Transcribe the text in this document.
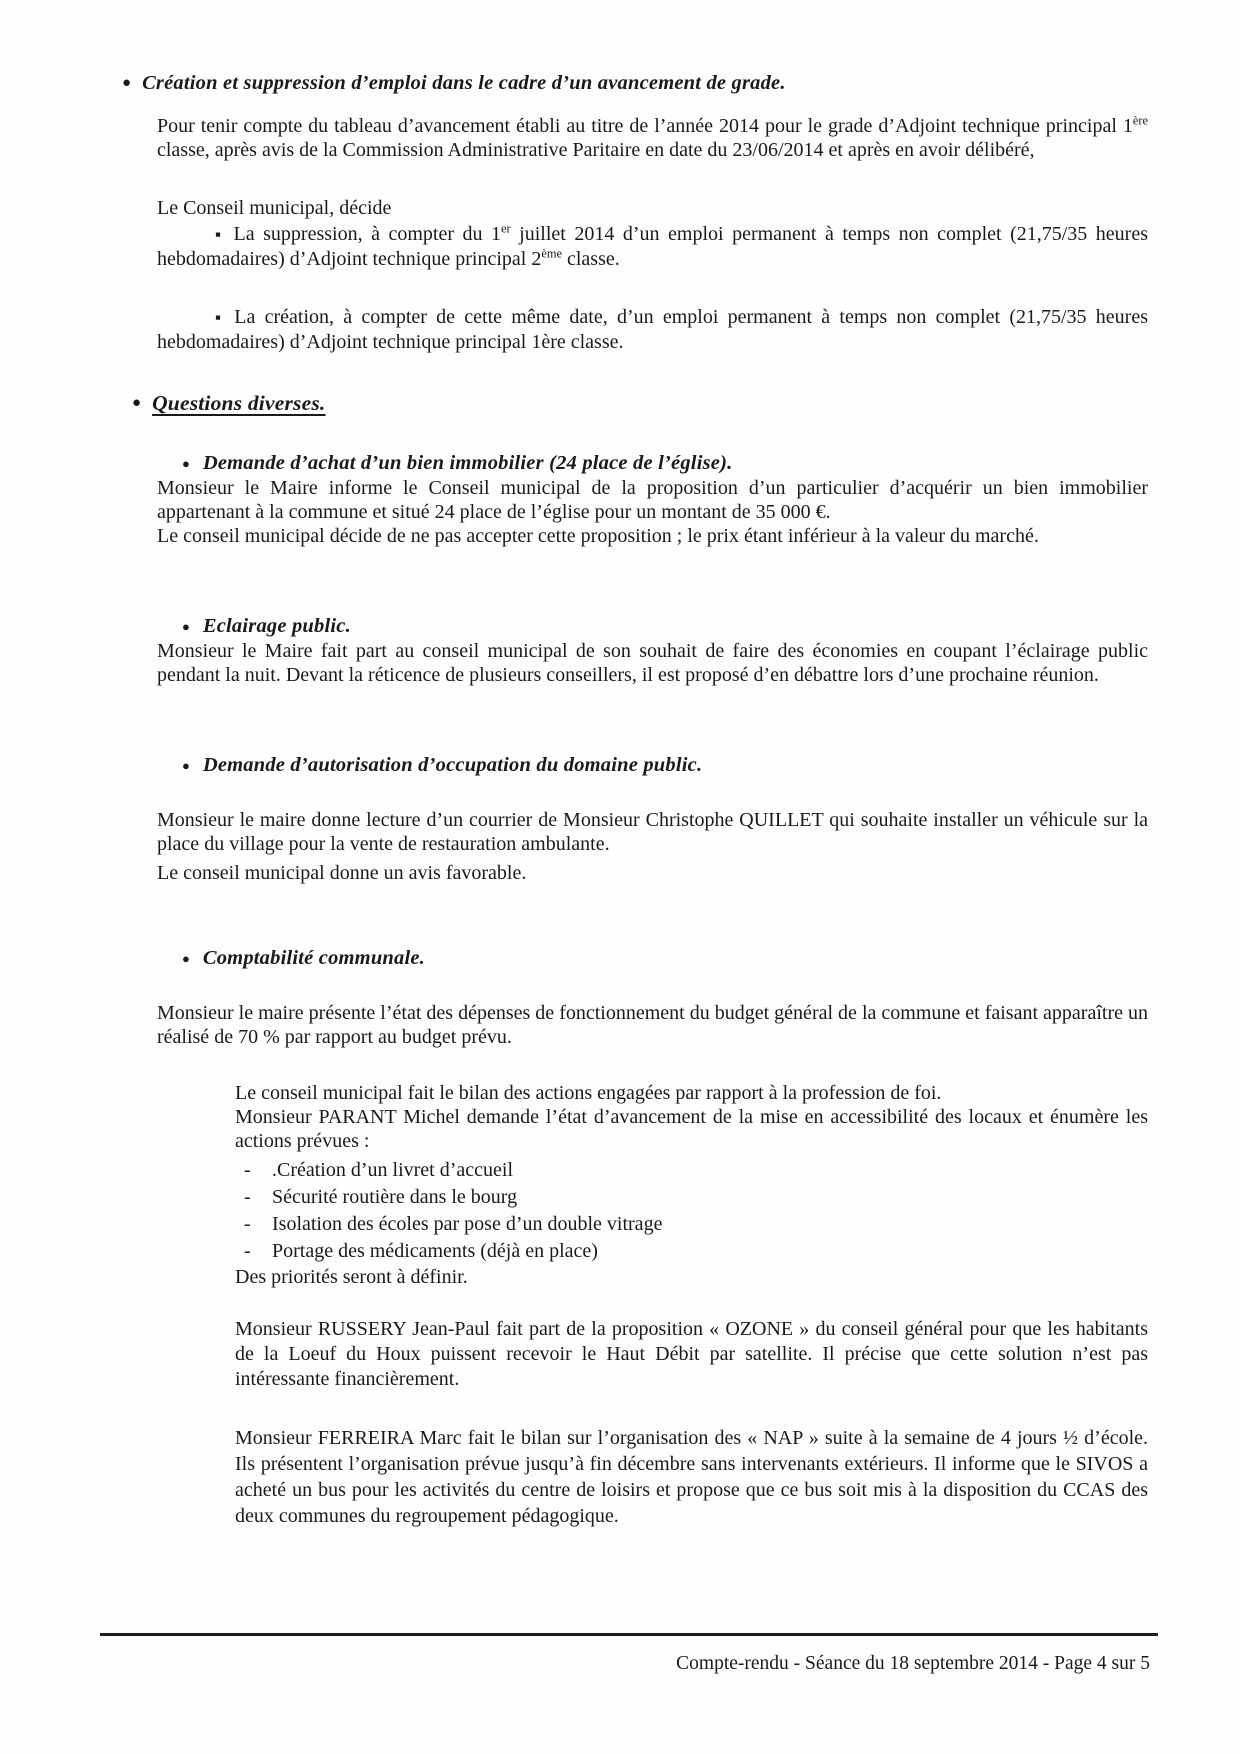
● Création et suppression d’emploi dans le cadre d’un avancement de grade.

Pour tenir compte du tableau d’avancement établi au titre de l’année 2014 pour le grade d’Adjoint technique principal 1ère classe, après avis de la Commission Administrative Paritaire en date du 23/06/2014 et après en avoir délibéré,

Le Conseil municipal, décide

▪ La suppression, à compter du 1er juillet 2014 d’un emploi permanent à temps non complet (21,75/35 heures hebdomadaires) d’Adjoint technique principal 2ème classe.

▪ La création, à compter de cette même date, d’un emploi permanent à temps non complet (21,75/35 heures hebdomadaires) d’Adjoint technique principal 1ère classe.

● Questions diverses.
● Demande d’achat d’un bien immobilier (24 place de l’église).

Monsieur le Maire informe le Conseil municipal de la proposition d’un particulier d’acquérir un bien immobilier appartenant à la commune et situé 24 place de l’église pour un montant de 35 000 €.

Le conseil municipal décide de ne pas accepter cette proposition ; le prix étant inférieur à la valeur du marché.

● Eclairage public.

Monsieur le Maire fait part au conseil municipal de son souhait de faire des économies en coupant l’éclairage public pendant la nuit. Devant la réticence de plusieurs conseillers, il est proposé d’en débattre lors d’une prochaine réunion.

● Demande d’autorisation d’occupation du domaine public.

Monsieur le maire donne lecture d’un courrier de Monsieur Christophe QUILLET qui souhaite installer un véhicule sur la place du village pour la vente de restauration ambulante.

Le conseil municipal donne un avis favorable.

● Comptabilité communale.

Monsieur le maire présente l’état des dépenses de fonctionnement du budget général de la commune et faisant apparaître un réalisé de 70 % par rapport au budget prévu.

Le conseil municipal fait le bilan des actions engagées par rapport à la profession de foi.

Monsieur PARANT Michel demande l’état d’avancement de la mise en accessibilité des locaux et énumère les actions prévues :

-	.Création d’un livret d’accueil
-	Sécurité routière dans le bourg
-	Isolation des écoles par pose d’un double vitrage
-	Portage des médicaments (déjà en place)

Des priorités seront à définir.

Monsieur RUSSERY Jean-Paul fait part de la proposition « OZONE » du conseil général pour que les habitants de la Loeuf du Houx puissent recevoir le Haut Débit par satellite. Il précise que cette solution n’est pas intéressante financièrement.

Monsieur FERREIRA Marc fait le bilan sur l’organisation des « NAP » suite à la semaine de 4 jours ½ d’école. Ils présentent l’organisation prévue jusqu’à fin décembre sans intervenants extérieurs. Il informe que le SIVOS a acheté un bus pour les activités du centre de loisirs et propose que ce bus soit mis à la disposition du CCAS des deux communes du regroupement pédagogique.

Compte-rendu - Séance du 18 septembre 2014 - Page 4 sur 5
